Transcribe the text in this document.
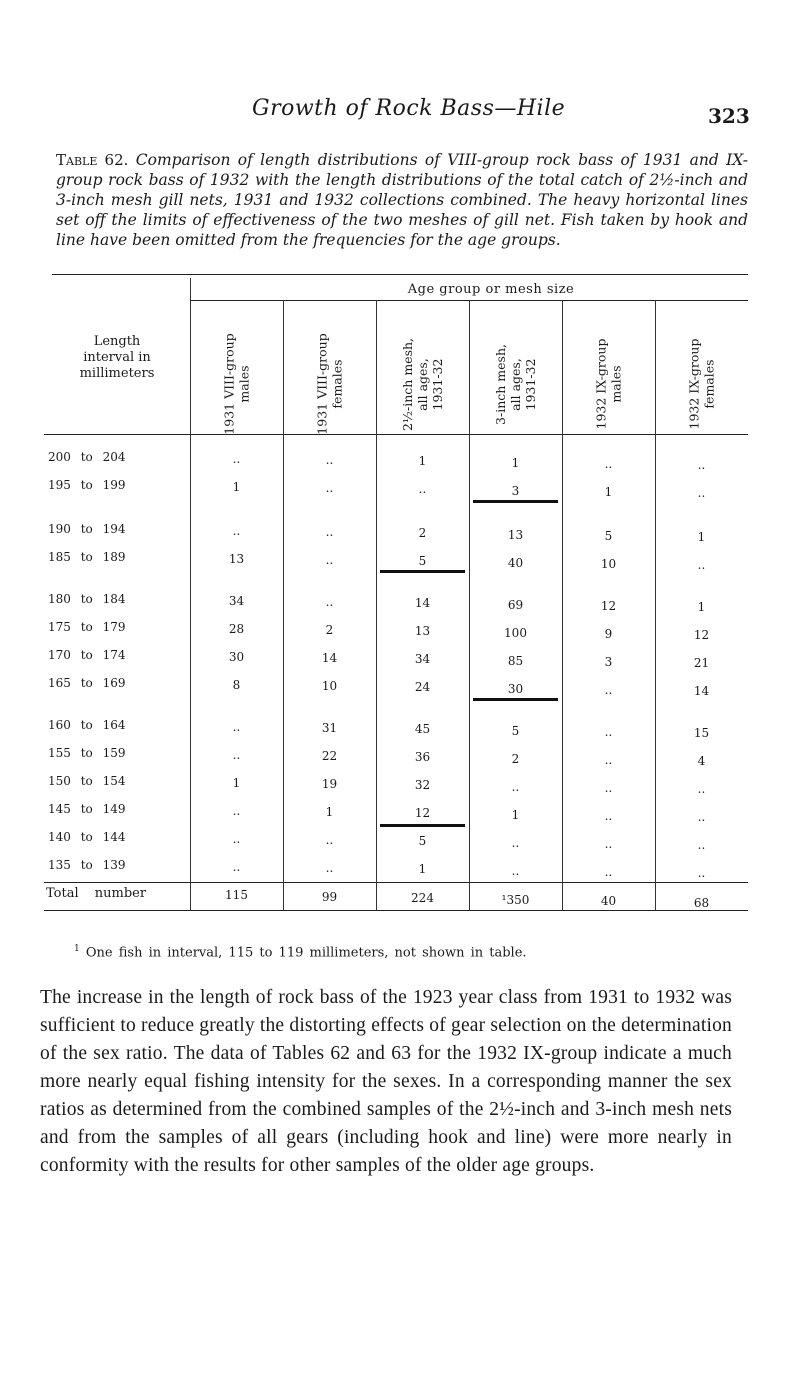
Growth of Rock Bass—Hile	323
Table 62. Comparison of length distributions of VIII-group rock bass of 1931 and IX-group rock bass of 1932 with the length distributions of the total catch of 2½-inch and 3-inch mesh gill nets, 1931 and 1932 collections combined. The heavy horizontal lines set off the limits of effectiveness of the two meshes of gill net. Fish taken by hook and line have been omitted from the frequencies for the age groups.
Age group or mesh size
Length
interval in
millimeters	1931 VIII-group males	1931 VIII-group females	2½-inch mesh, all ages, 1931-32	3-inch mesh, all ages, 1931-32	1932 IX-group males	1932 IX-group females
200 to 204	..	..	1	1	..	..
195 to 199	1	..	..	3	1	..
190 to 194	..	..	2	13	5	1
185 to 189	13	..	5	40	10	..
180 to 184	34	..	14	69	12	1
175 to 179	28	2	13	100	9	12
170 to 174	30	14	34	85	3	21
165 to 169	8	10	24	30	..	14
160 to 164	..	31	45	5	..	15
155 to 159	..	22	36	2	..	4
150 to 154	1	19	32	..	..	..
145 to 149	..	1	12	1	..	..
140 to 144	..	..	5	..	..	..
135 to 139	..	..	1	..	..	..
Total number	115	99	224	¹350	40	68
$^1$ One fish in interval, 115 to 119 millimeters, not shown in table.
The increase in the length of rock bass of the 1923 year class from 1931 to 1932 was sufficient to reduce greatly the distorting effects of gear selection on the determination of the sex ratio. The data of Tables 62 and 63 for the 1932 IX-group indicate a much more nearly equal fishing intensity for the sexes. In a corresponding manner the sex ratios as determined from the combined samples of the 2½-inch and 3-inch mesh nets and from the samples of all gears (including hook and line) were more nearly in conformity with the results for other samples of the older age groups.
